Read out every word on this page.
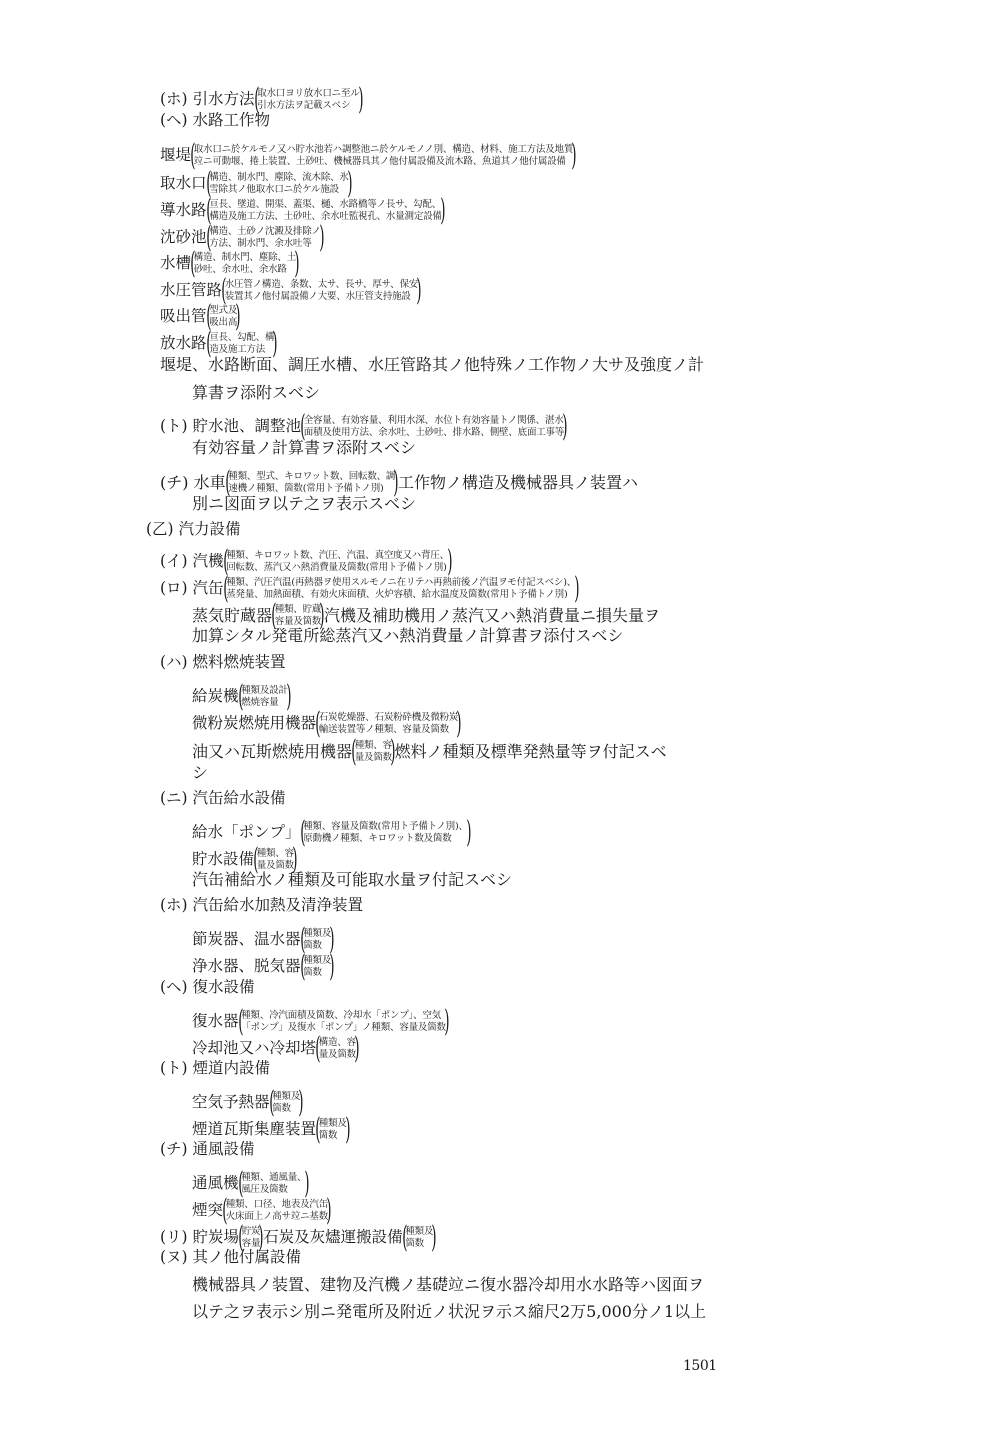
(ホ) 引水方法 (
取水口ヨリ放水口ニ至ル
引水方法ヲ記載スベシ )
(ヘ) 水路工作物
堰堤 (
取水口ニ於ケルモノ又ハ貯水池若ハ調整池ニ於ケルモノノ別、構造、材料、施工方法及地質
竝ニ可動堰、捲上装置、土砂吐、機械器具其ノ他付属設備及流木路、魚道其ノ他付属設備 )
取水口 (
構造、制水門、塵除、流木除、氷
雪除其ノ他取水口ニ於ケル施設 )
導水路 (
亘長、墜道、開渠、蓋渠、樋、水路橋等ノ長サ、勾配、
構造及施工方法、土砂吐、余水吐監視孔、水量測定設備
)
沈砂池 (
構造、土砂ノ沈澱及排除ノ
方法、制水門、余水吐等 )
水槽 (
構造、制水門、塵除、土
砂吐、余水吐、余水路 )
水圧管路 (
水圧管ノ構造、条数、太サ、長サ、厚サ、保安
装置其ノ他付属設備ノ大要、水圧管支持施設 )
吸出管 (
型式及
吸出高
)
放水路 (
亘長、勾配、構
造及施工方法 )
堰堤、水路断面、調圧水槽、水圧管路其ノ他特殊ノ工作物ノ大サ及強度ノ計
算書ヲ添附スベシ
(ト) 貯水池、調整池 (
全容量、有効容量、利用水深、水位ト有効容量トノ関係、湛水
面積及使用方法、余水吐、土砂吐、排水路、側壁、底面工事等
)
有効容量ノ計算書ヲ添附スベシ
(チ) 水車 (
種類、型式、キロワット数、回転数、調
速機ノ種類、箇数(常用ト予備トノ別) ) 工作物ノ構造及機械器具ノ装置ハ
別ニ図面ヲ以テ之ヲ表示スベシ
(乙) 汽力設備
(イ) 汽機 (
種類、キロワット数、汽圧、汽温、真空度又ハ背圧、
回転数、蒸汽又ハ熱消費量及箇数(常用ト予備トノ別) )
(ロ) 汽缶 (
種類、汽圧汽温(再熱器ヲ使用スルモノニ在リテハ再熱前後ノ汽温ヲモ付記スベシ)、
蒸発量、加熱面積、有効火床面積、火炉容積、給水温度及箇数(常用ト予備トノ別) )
蒸気貯蔵器 (
種類、貯蔵
容量及箇数
) 汽機及補助機用ノ蒸汽又ハ熱消費量ニ損失量ヲ
加算シタル発電所総蒸汽又ハ熱消費量ノ計算書ヲ添付スベシ
(ハ) 燃料燃焼装置
給炭機 (
種類及設計
燃焼容量 )
微粉炭燃焼用機器 (
石炭乾燥器、石炭粉砕機及微粉炭
輸送装置等ノ種類、容量及箇数 )
油又ハ瓦斯燃焼用機器 (
種類、容
量及箇数
) 燃料ノ種類及標準発熱量等ヲ付記スベ
シ
(ニ) 汽缶給水設備
給水「ポンプ」 (
種類、容量及箇数(常用ト予備トノ別)、
原動機ノ種類、キロワット数及箇数 )
貯水設備 (
種類、容
量及箇数
)
汽缶補給水ノ種類及可能取水量ヲ付記スベシ
(ホ) 汽缶給水加熱及清浄装置
節炭器、温水器 (
種類及
箇数 )
浄水器、脱気器 (
種類及
箇数 )
(ヘ) 復水設備
復水器 (
種類、冷汽面積及箇数、冷却水「ポンプ」、空気
「ポンプ」及復水「ポンプ」ノ種類、容量及箇数
)
冷却池又ハ冷却塔 (
構造、容
量及箇数
)
(ト) 煙道内設備
空気予熱器 (
種類及
箇数 )
煙道瓦斯集塵装置 (
種類及
箇数 )
(チ) 通風設備
通風機 (
種類、通風量、
風圧及箇数 )
煙突 (
種類、口径、地表及汽缶
火床面上ノ高サ竝ニ基数
)
(リ) 貯炭場 (
貯炭
容量
) 石炭及灰燼運搬設備 (
種類及
箇数 )
(ヌ) 其ノ他付属設備
機械器具ノ装置、建物及汽機ノ基礎竝ニ復水器冷却用水水路等ハ図面ヲ
以テ之ヲ表示シ別ニ発電所及附近ノ状況ヲ示ス縮尺2万5,000分ノ1以上
1501
